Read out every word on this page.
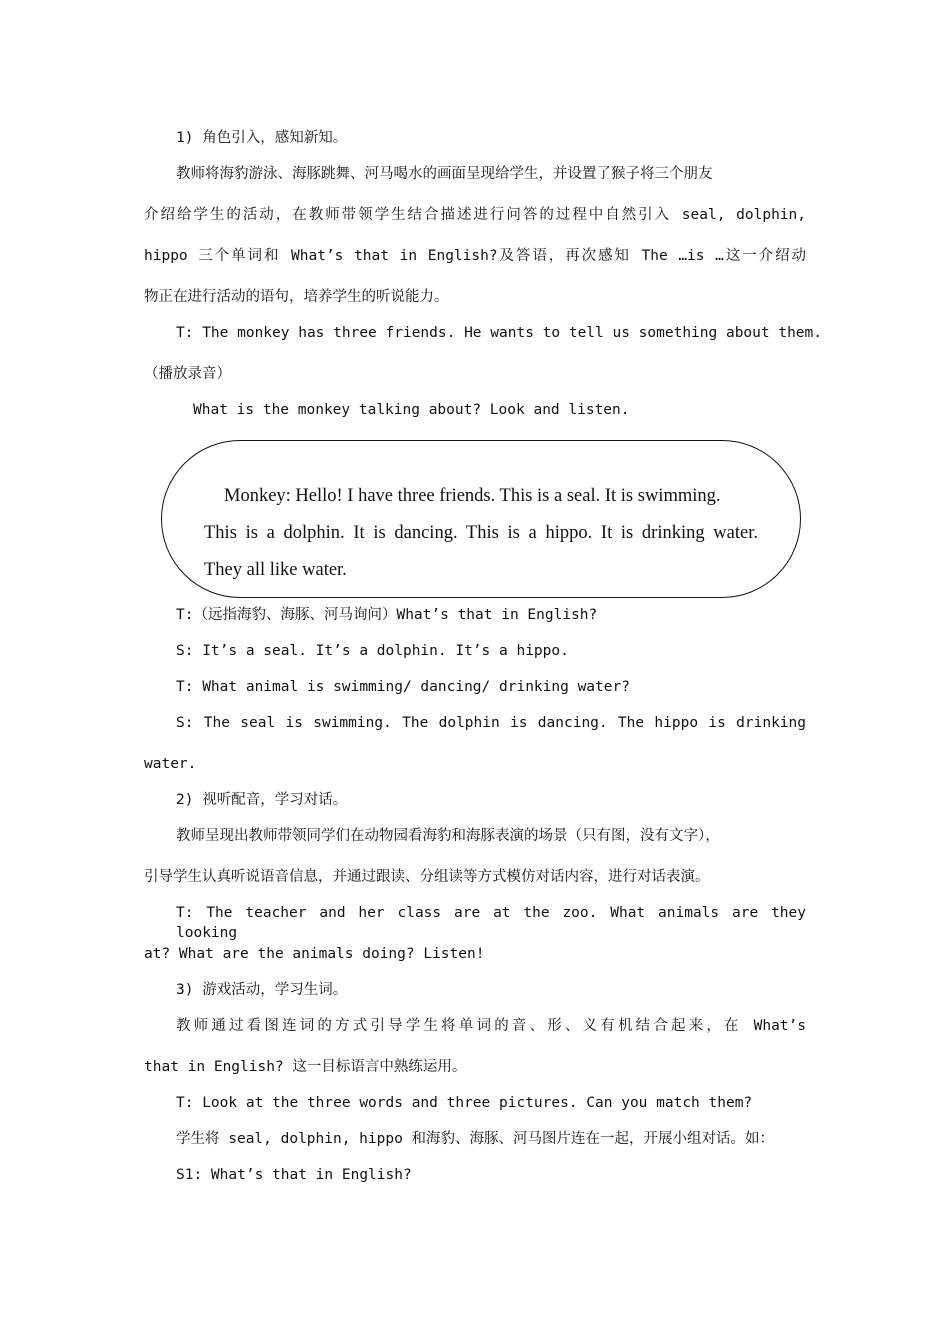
1) 角色引入，感知新知。
教师将海豹游泳、海豚跳舞、河马喝水的画面呈现给学生，并设置了猴子将三个朋友
介绍给学生的活动，在教师带领学生结合描述进行问答的过程中自然引入 seal, dolphin,
hippo 三个单词和 What’s that in English?及答语，再次感知 The …is …这一介绍动
物正在进行活动的语句，培养学生的听说能力。
T: The monkey has three friends. He wants to tell us something about them.
（播放录音）
What is the monkey talking about? Look and listen.
Monkey: Hello! I have three friends. This is a seal. It is swimming.
This is a dolphin. It is dancing. This is a hippo. It is drinking water.
They all like water.
T:（远指海豹、海豚、河马询问）What’s that in English?
S: It’s a seal. It’s a dolphin. It’s a hippo.
T: What animal is swimming/ dancing/ drinking water?
S: The seal is swimming. The dolphin is dancing. The hippo is drinking
water.
2) 视听配音，学习对话。
教师呈现出教师带领同学们在动物园看海豹和海豚表演的场景（只有图，没有文字），
引导学生认真听说语音信息，并通过跟读、分组读等方式模仿对话内容，进行对话表演。
T: The teacher and her class are at the zoo. What animals are they looking
at? What are the animals doing? Listen!
3) 游戏活动，学习生词。
教师通过看图连词的方式引导学生将单词的音、形、义有机结合起来，在 What’s
that in English? 这一目标语言中熟练运用。
T: Look at the three words and three pictures. Can you match them?
学生将 seal, dolphin, hippo 和海豹、海豚、河马图片连在一起，开展小组对话。如：
S1: What’s that in English?
